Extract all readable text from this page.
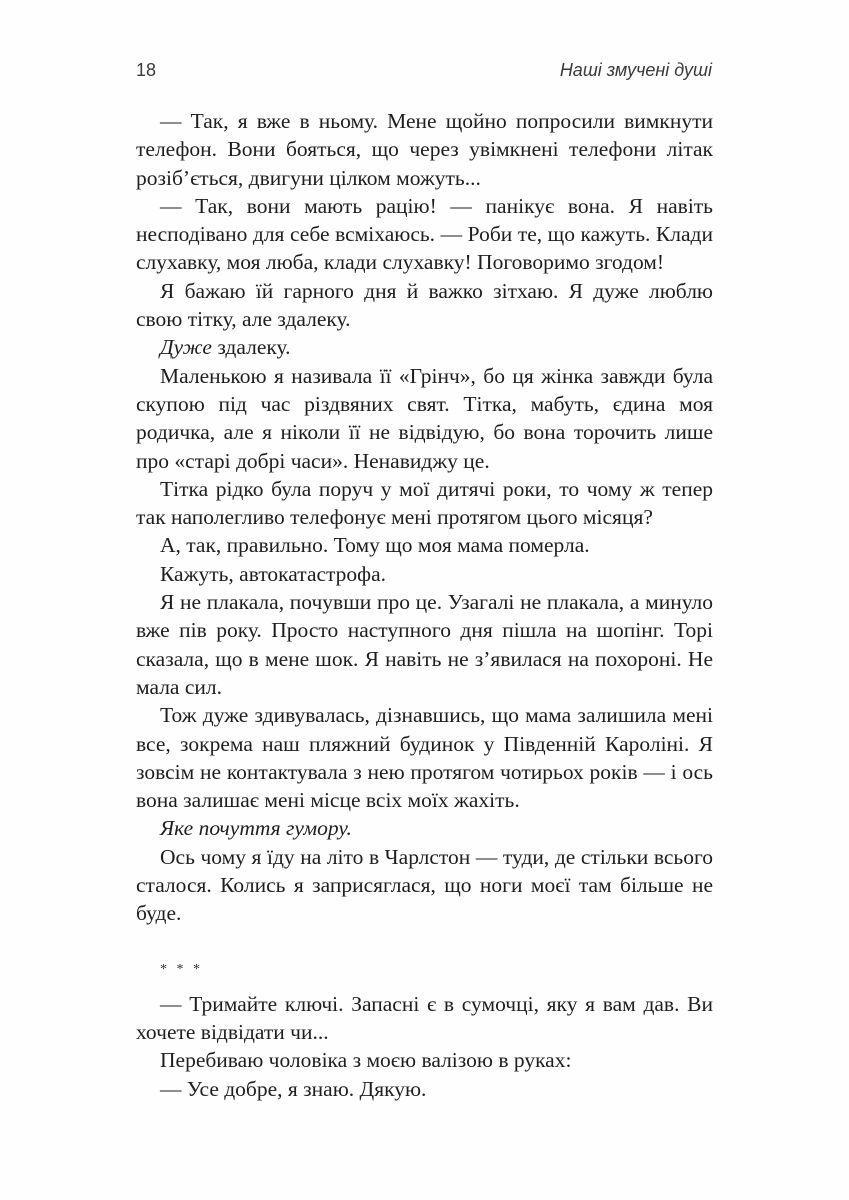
18	Наші змучені душі

— Так, я вже в ньому. Мене щойно попросили вимкнути телефон. Вони бояться, що через увімкнені телефони літак розіб’ється, двигуни цілком можуть...

— Так, вони мають рацію! — панікує вона. Я навіть несподівано для себе всміхаюсь. — Роби те, що кажуть. Клади слухавку, моя люба, клади слухавку! Поговоримо згодом!

Я бажаю їй гарного дня й важко зітхаю. Я дуже люблю свою тітку, але здалеку.

Дуже здалеку.

Маленькою я називала її «Грінч», бо ця жінка завжди була скупою під час різдвяних свят. Тітка, мабуть, єдина моя родичка, але я ніколи її не відвідую, бо вона торочить лише про «старі добрі часи». Ненавиджу це.

Тітка рідко була поруч у мої дитячі роки, то чому ж тепер так наполегливо телефонує мені протягом цього місяця?

А, так, правильно. Тому що моя мама померла.

Кажуть, автокатастрофа.

Я не плакала, почувши про це. Узагалі не плакала, а минуло вже пів року. Просто наступного дня пішла на шопінг. Торі сказала, що в мене шок. Я навіть не з’явилася на похороні. Не мала сил.

Тож дуже здивувалась, дізнавшись, що мама залишила мені все, зокрема наш пляжний будинок у Південній Кароліні. Я зовсім не контактувала з нею протягом чотирьох років — і ось вона залишає мені місце всіх моїх жахіть.

Яке почуття гумору.

Ось чому я їду на літо в Чарлстон — туди, де стільки всього сталося. Колись я заприсяглася, що ноги моєї там більше не буде.

* * *

— Тримайте ключі. Запасні є в сумочці, яку я вам дав. Ви хочете відвідати чи...

Перебиваю чоловіка з моєю валізою в руках:

— Усе добре, я знаю. Дякую.
